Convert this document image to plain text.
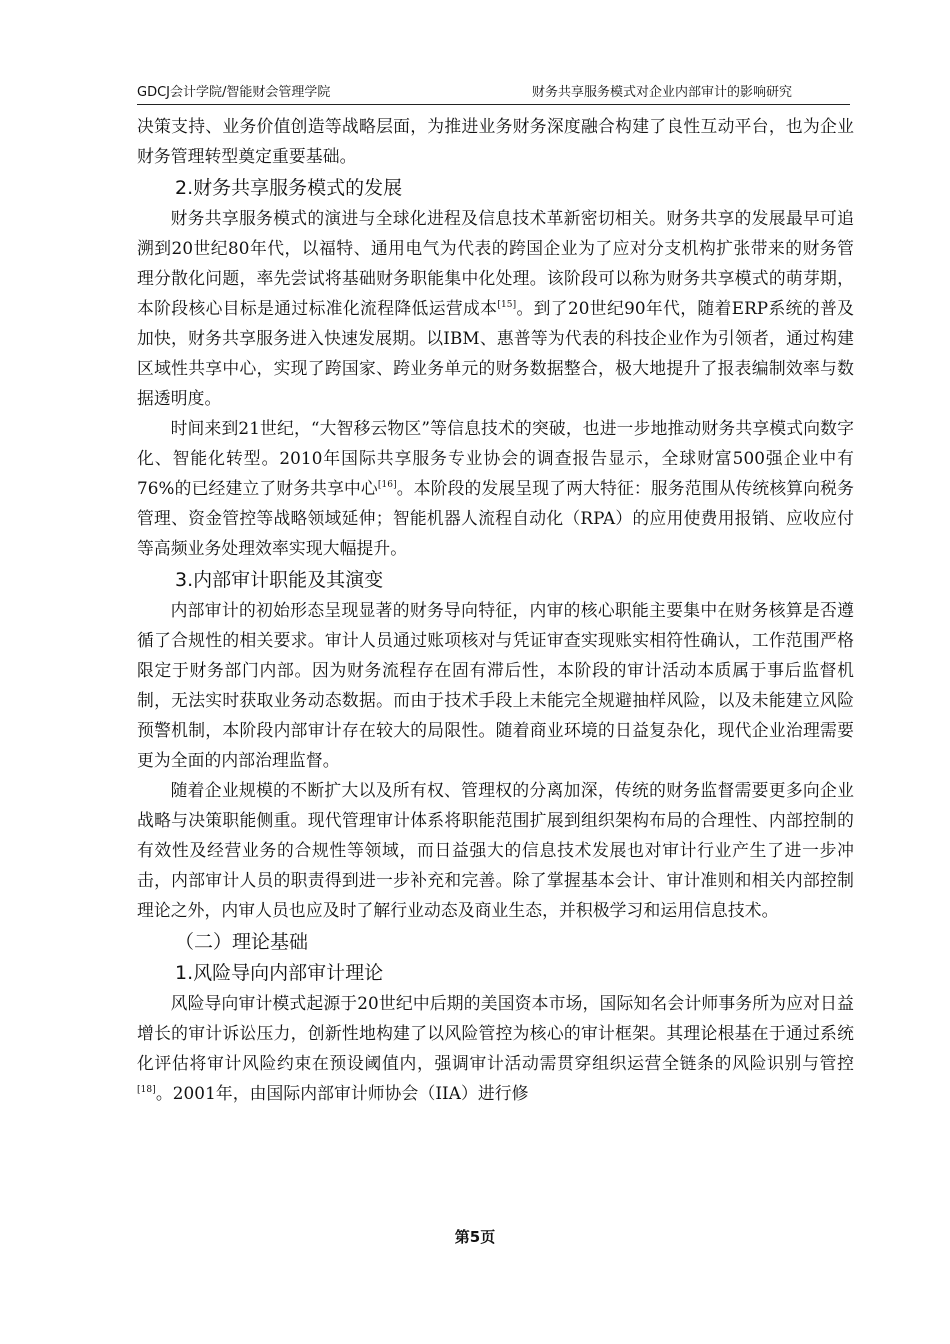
GDCJ会计学院/智能财会管理学院	财务共享服务模式对企业内部审计的影响研究

决策支持、业务价值创造等战略层面，为推进业务财务深度融合构建了良性互动平台，也为企业财务管理转型奠定重要基础。

2.财务共享服务模式的发展

财务共享服务模式的演进与全球化进程及信息技术革新密切相关。财务共享的发展最早可追溯到20世纪80年代，以福特、通用电气为代表的跨国企业为了应对分支机构扩张带来的财务管理分散化问题，率先尝试将基础财务职能集中化处理。该阶段可以称为财务共享模式的萌芽期，本阶段核心目标是通过标准化流程降低运营成本[15]。到了20世纪90年代，随着ERP系统的普及加快，财务共享服务进入快速发展期。以IBM、惠普等为代表的科技企业作为引领者，通过构建区域性共享中心，实现了跨国家、跨业务单元的财务数据整合，极大地提升了报表编制效率与数据透明度。

时间来到21世纪，“大智移云物区”等信息技术的突破，也进一步地推动财务共享模式向数字化、智能化转型。2010年国际共享服务专业协会的调查报告显示，全球财富500强企业中有76%的已经建立了财务共享中心[16]。本阶段的发展呈现了两大特征：服务范围从传统核算向税务管理、资金管控等战略领域延伸；智能机器人流程自动化（RPA）的应用使费用报销、应收应付等高频业务处理效率实现大幅提升。

3.内部审计职能及其演变

内部审计的初始形态呈现显著的财务导向特征，内审的核心职能主要集中在财务核算是否遵循了合规性的相关要求。审计人员通过账项核对与凭证审查实现账实相符性确认，工作范围严格限定于财务部门内部。因为财务流程存在固有滞后性，本阶段的审计活动本质属于事后监督机制，无法实时获取业务动态数据。而由于技术手段上未能完全规避抽样风险，以及未能建立风险预警机制，本阶段内部审计存在较大的局限性。随着商业环境的日益复杂化，现代企业治理需要更为全面的内部治理监督。

随着企业规模的不断扩大以及所有权、管理权的分离加深，传统的财务监督需要更多向企业战略与决策职能侧重。现代管理审计体系将职能范围扩展到组织架构布局的合理性、内部控制的有效性及经营业务的合规性等领域，而日益强大的信息技术发展也对审计行业产生了进一步冲击，内部审计人员的职责得到进一步补充和完善。除了掌握基本会计、审计准则和相关内部控制理论之外，内审人员也应及时了解行业动态及商业生态，并积极学习和运用信息技术。

（二）理论基础
1.风险导向内部审计理论

风险导向审计模式起源于20世纪中后期的美国资本市场，国际知名会计师事务所为应对日益增长的审计诉讼压力，创新性地构建了以风险管控为核心的审计框架。其理论根基在于通过系统化评估将审计风险约束在预设阈值内，强调审计活动需贯穿组织运营全链条的风险识别与管控[18]。2001年，由国际内部审计师协会（IIA）进行修

第5页
